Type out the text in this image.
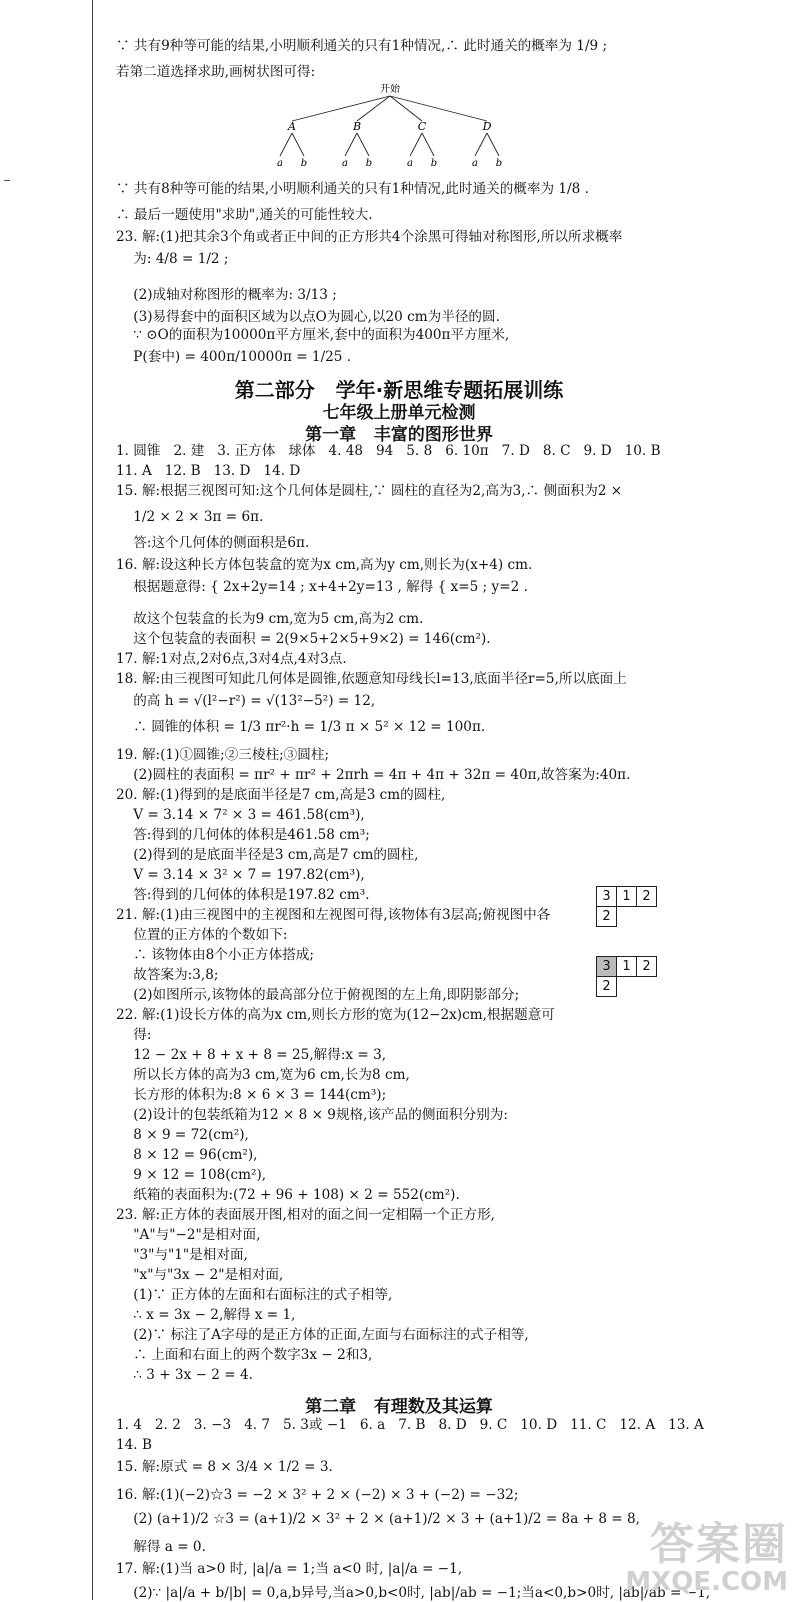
∵ 共有9种等可能的结果,小明顺利通关的只有1种情况,∴ 此时通关的概率为 1/9 ;
若第二道选择求助,画树状图可得:
∵ 共有8种等可能的结果,小明顺利通关的只有1种情况,此时通关的概率为 1/8 .
∴ 最后一题使用"求助",通关的可能性较大.
23. 解:(1)把其余3个角或者正中间的正方形共4个涂黑可得轴对称图形,所以所求概率
为: 4/8 = 1/2 ;
(2)成轴对称图形的概率为: 3/13 ;
(3)易得套中的面积区域为以点O为圆心,以20 cm为半径的圆.
∵ ⊙O的面积为10000π平方厘米,套中的面积为400π平方厘米,
P(套中) = 400π/10000π = 1/25 .
1. 圆锥   2. 建   3. 正方体   球体   4. 48   94   5. 8   6. 10π   7. D   8. C   9. D   10. B
11. A   12. B   13. D   14. D
15. 解:根据三视图可知:这个几何体是圆柱,∵ 圆柱的直径为2,高为3,∴ 侧面积为2 ×
1/2 × 2 × 3π = 6π.
答:这个几何体的侧面积是6π.
16. 解:设这种长方体包装盒的宽为x cm,高为y cm,则长为(x+4) cm.
根据题意得: { 2x+2y=14 ; x+4+2y=13 , 解得 { x=5 ; y=2 .
故这个包装盒的长为9 cm,宽为5 cm,高为2 cm.
这个包装盒的表面积 = 2(9×5+2×5+9×2) = 146(cm²).
17. 解:1对点,2对6点,3对4点,4对3点.
18. 解:由三视图可知此几何体是圆锥,依题意知母线长l=13,底面半径r=5,所以底面上
的高 h = √(l²−r²) = √(13²−5²) = 12,
∴ 圆锥的体积 = 1/3 πr²·h = 1/3 π × 5² × 12 = 100π.
19. 解:(1)①圆锥;②三棱柱;③圆柱;
(2)圆柱的表面积 = πr² + πr² + 2πrh = 4π + 4π + 32π = 40π,故答案为:40π.
20. 解:(1)得到的是底面半径是7 cm,高是3 cm的圆柱,
V = 3.14 × 7² × 3 = 461.58(cm³),
答:得到的几何体的体积是461.58 cm³;
(2)得到的是底面半径是3 cm,高是7 cm的圆柱,
V = 3.14 × 3² × 7 = 197.82(cm³),
答:得到的几何体的体积是197.82 cm³.
21. 解:(1)由三视图中的主视图和左视图可得,该物体有3层高;俯视图中各
位置的正方体的个数如下:
∴ 该物体由8个小正方体搭成;
故答案为:3,8;
(2)如图所示,该物体的最高部分位于俯视图的左上角,即阴影部分;
22. 解:(1)设长方体的高为x cm,则长方形的宽为(12−2x)cm,根据题意可
得:
12 − 2x + 8 + x + 8 = 25,解得:x = 3,
所以长方体的高为3 cm,宽为6 cm,长为8 cm,
长方形的体积为:8 × 6 × 3 = 144(cm³);
(2)设计的包装纸箱为12 × 8 × 9规格,该产品的侧面积分别为:
8 × 9 = 72(cm²),
8 × 12 = 96(cm²),
9 × 12 = 108(cm²),
纸箱的表面积为:(72 + 96 + 108) × 2 = 552(cm²).
23. 解:正方体的表面展开图,相对的面之间一定相隔一个正方形,
"A"与"−2"是相对面,
"3"与"1"是相对面,
"x"与"3x − 2"是相对面,
(1)∵ 正方体的左面和右面标注的式子相等,
∴ x = 3x − 2,解得 x = 1,
(2)∵ 标注了A字母的是正方体的正面,左面与右面标注的式子相等,
∴ 上面和右面上的两个数字3x − 2和3,
∴ 3 + 3x − 2 = 4.
1. 4   2. 2   3. −3   4. 7   5. 3或 −1   6. a   7. B   8. D   9. C   10. D   11. C   12. A   13. A
14. B
15. 解:原式 = 8 × 3/4 × 1/2 = 3.
16. 解:(1)(−2)☆3 = −2 × 3² + 2 × (−2) × 3 + (−2) = −32;
(2) (a+1)/2 ☆3 = (a+1)/2 × 3² + 2 × (a+1)/2 × 3 + (a+1)/2 = 8a + 8 = 8,
解得 a = 0.
17. 解:(1)当 a>0 时, |a|/a = 1;当 a<0 时, |a|/a = −1,
(2)∵ |a|/a + b/|b| = 0,a,b异号,当a>0,b<0时, |ab|/ab = −1;当a<0,b>0时, |ab|/ab = −1,
第二部分   学年·新思维专题拓展训练
七年级上册单元检测
第一章   丰富的图形世界
第二章   有理数及其运算
开始
A
a b
B
a b
C
a b
D
a b
3	1	2
2		
3	1	2
2		
答案圈
MXQE.COM
